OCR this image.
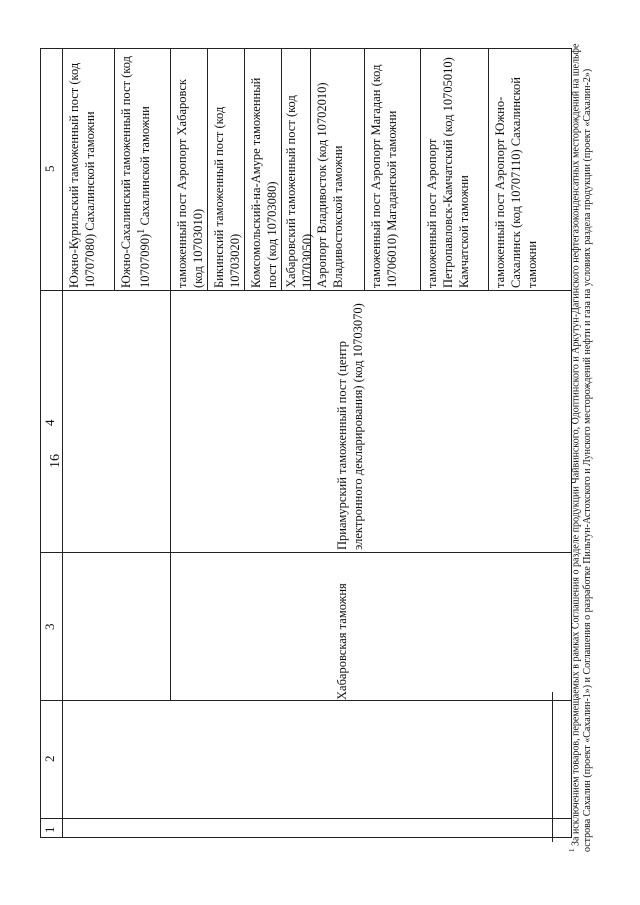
16
1
2
3
4
5
Хабаровская таможня
Приамурский таможенный пост (центр электронного декларирования) (код 10703070)
Южно-Курильский таможенный пост (код 10707080) Сахалинской таможни Южно-Сахалинский таможенный пост (код 10707090)$^1$ Сахалинской таможни таможенный пост Аэропорт Хабаровск (код 10703010) Бикинский таможенный пост (код 10703020) Комсомольский-на-Амуре таможенный пост (код 10703080) Хабаровский таможенный пост (код 10703050) Аэропорт Владивосток (код 10702010) Владивостокской таможни таможенный пост Аэропорт Магадан (код 10706010) Магаданской таможни таможенный пост Аэропорт Петропавловск-Камчатский (код 10705010) Камчатской таможни таможенный пост Аэропорт Южно-Сахалинск (код 10707110) Сахалинской таможни
$^1$ За исключением товаров, перемещаемых в рамках Соглашения о разделе продукции Чайвинского, Одоптинского и Аркутун-Дагинского нефтегазоконденсатных месторождений на шельфе острова Сахалин (проект «Сахалин-1») и Соглашения о разработке Пильтун-Астохского и Лунского месторождений нефти и газа на условиях раздела продукции (проект «Сахалин-2»)
